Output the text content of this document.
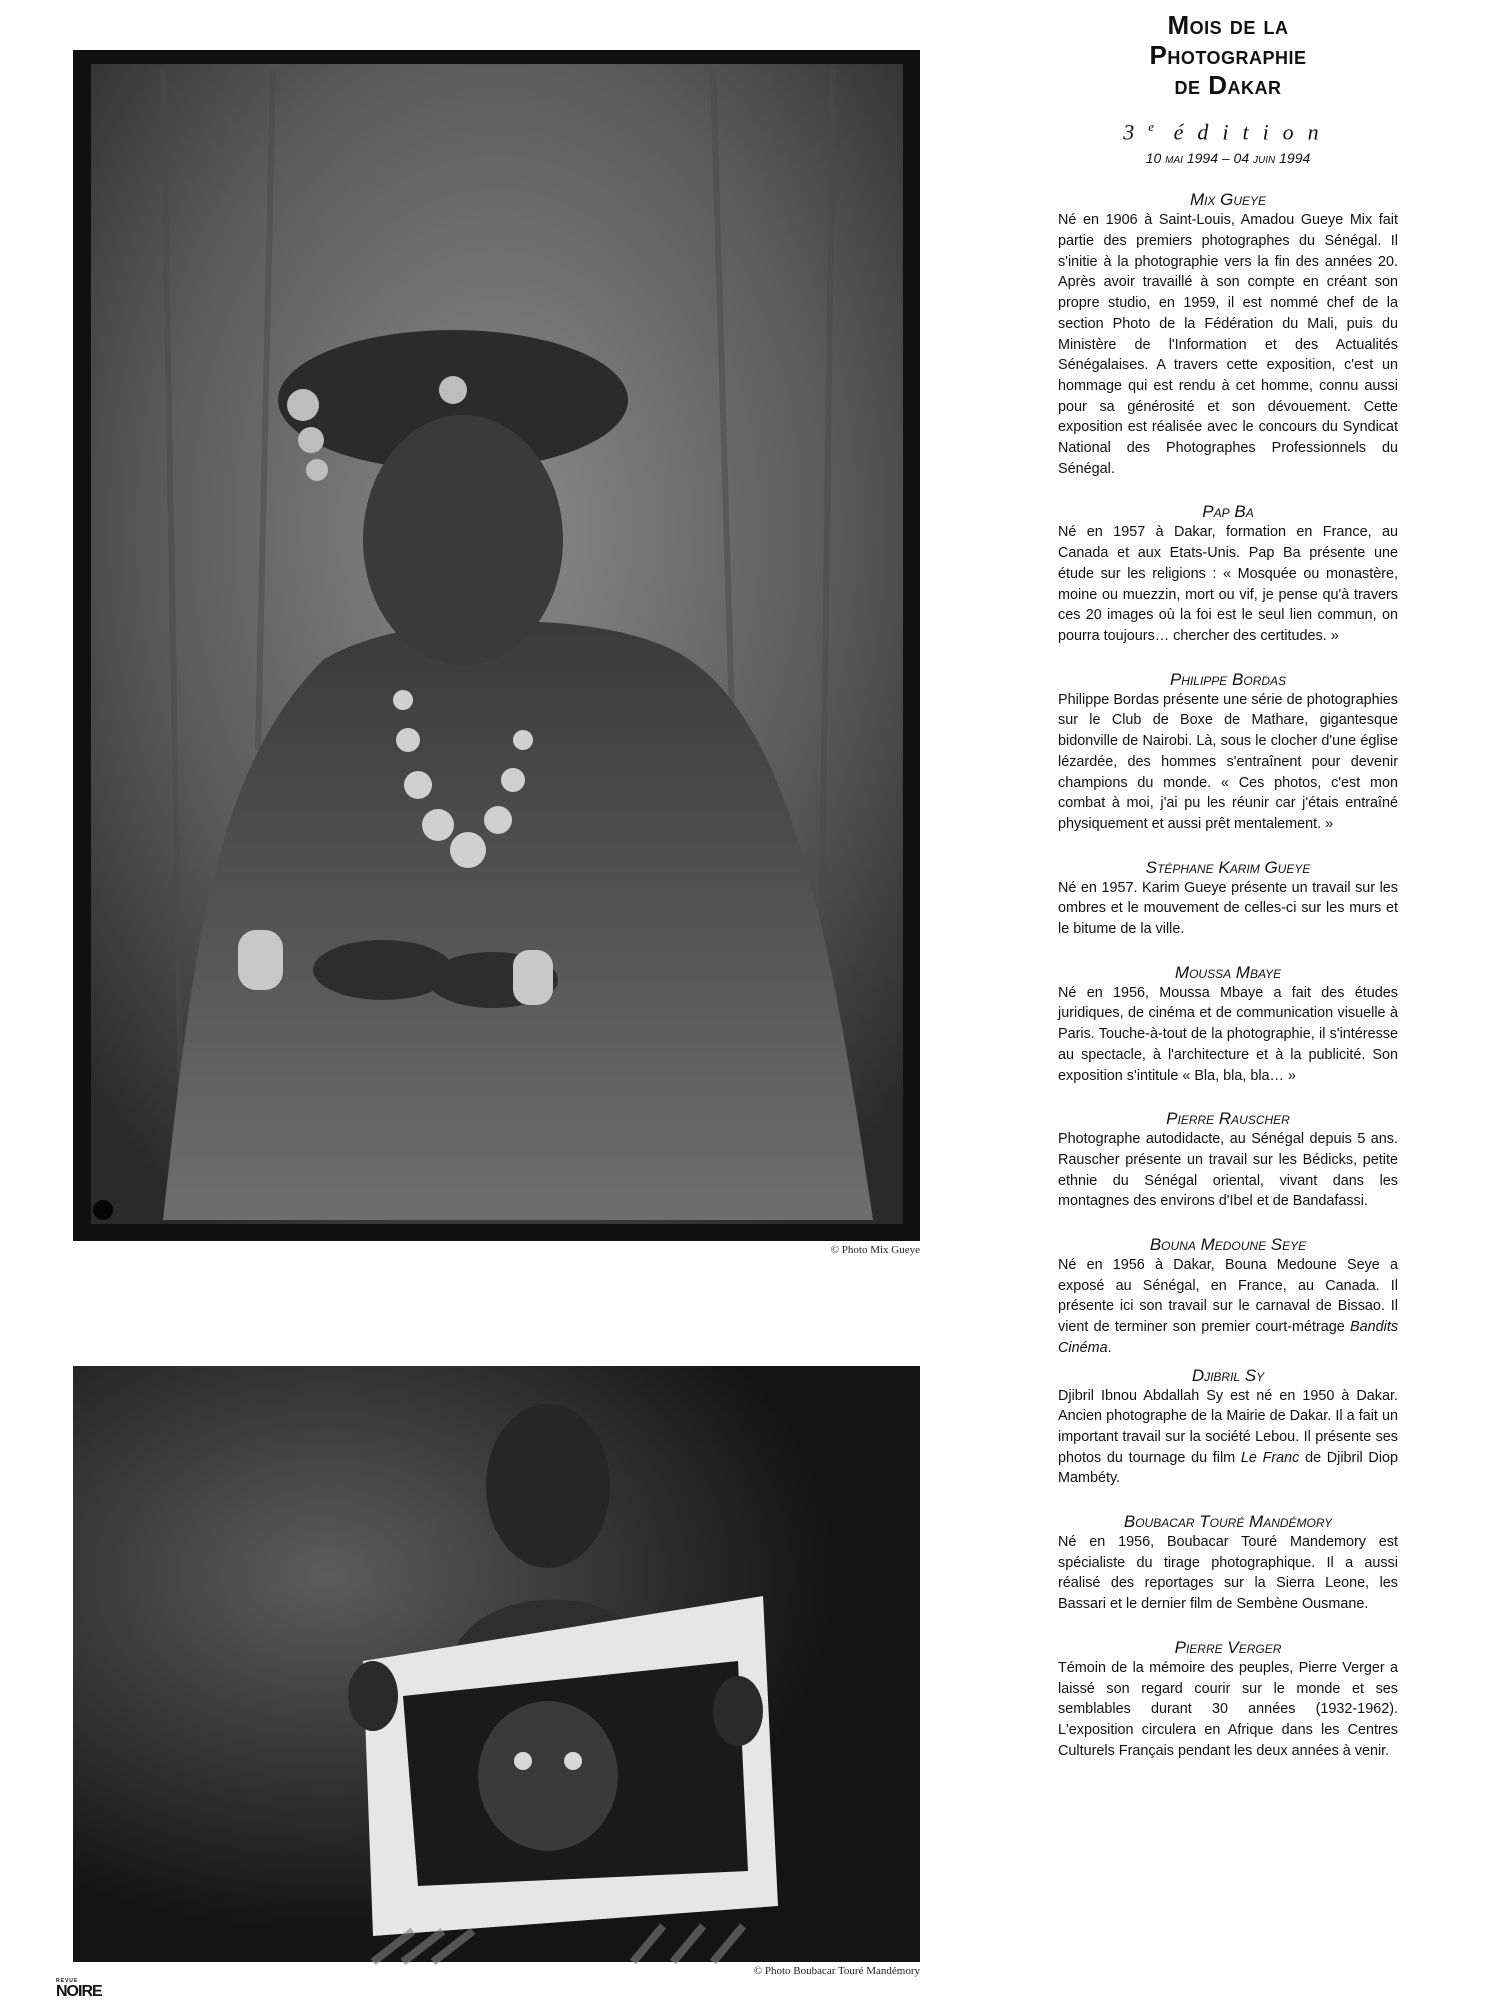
© Photo Mix Gueye
© Photo Boubacar Touré Mandémory
REVUE
NOIRE
Mois de la
Photographie
de Dakar
3e édition
10 mai 1994 – 04 juin 1994

Mix Gueye

Né en 1906 à Saint-Louis, Amadou Gueye Mix fait partie des premiers photographes du Sénégal. Il s'initie à la photographie vers la fin des années 20. Après avoir travaillé à son compte en créant son propre studio, en 1959, il est nommé chef de la section Photo de la Fédération du Mali, puis du Ministère de l'Information et des Actualités Sénégalaises. A travers cette exposition, c'est un hommage qui est rendu à cet homme, connu aussi pour sa générosité et son dévouement. Cette exposition est réalisée avec le concours du Syndicat National des Photographes Professionnels du Sénégal.

Pap Ba

Né en 1957 à Dakar, formation en France, au Canada et aux Etats-Unis. Pap Ba présente une étude sur les religions : « Mosquée ou monastère, moine ou muezzin, mort ou vif, je pense qu'à travers ces 20 images où la foi est le seul lien commun, on pourra toujours… chercher des certitudes. »

Philippe Bordas

Philippe Bordas présente une série de photographies sur le Club de Boxe de Mathare, gigantesque bidonville de Nairobi. Là, sous le clocher d'une église lézardée, des hommes s'entraînent pour devenir champions du monde. « Ces photos, c'est mon combat à moi, j'ai pu les réunir car j'étais entraîné physiquement et aussi prêt mentalement. »

Stéphane Karim Gueye

Né en 1957. Karim Gueye présente un travail sur les ombres et le mouvement de celles-ci sur les murs et le bitume de la ville.

Moussa Mbaye

Né en 1956, Moussa Mbaye a fait des études juridiques, de cinéma et de communication visuelle à Paris. Touche-à-tout de la photographie, il s'intéresse au spectacle, à l'architecture et à la publicité. Son exposition s'intitule « Bla, bla, bla… »

Pierre Rauscher

Photographe autodidacte, au Sénégal depuis 5 ans. Rauscher présente un travail sur les Bédicks, petite ethnie du Sénégal oriental, vivant dans les montagnes des environs d'Ibel et de Bandafassi.

Bouna Medoune Seye

Né en 1956 à Dakar, Bouna Medoune Seye a exposé au Sénégal, en France, au Canada. Il présente ici son travail sur le carnaval de Bissao. Il vient de terminer son premier court-métrage Bandits Cinéma.

Djibril Sy

Djibril Ibnou Abdallah Sy est né en 1950 à Dakar. Ancien photographe de la Mairie de Dakar. Il a fait un important travail sur la société Lebou. Il présente ses photos du tournage du film Le Franc de Djibril Diop Mambéty.

Boubacar Touré Mandémory

Né en 1956, Boubacar Touré Mandemory est spécialiste du tirage photographique. Il a aussi réalisé des reportages sur la Sierra Leone, les Bassari et le dernier film de Sembène Ousmane.

Pierre Verger

Témoin de la mémoire des peuples, Pierre Verger a laissé son regard courir sur le monde et ses semblables durant 30 années (1932-1962). L'exposition circulera en Afrique dans les Centres Culturels Français pendant les deux années à venir.
